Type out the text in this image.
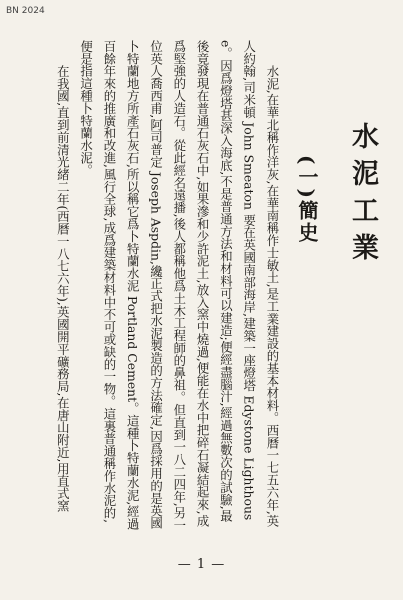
BN 2024
水泥工業
(一)簡史

水泥,在華北稱作洋灰,在華南稱作士敏土,是工業建設的基本材料。西曆一七五六年,英人約翰,司米頓 John Smeaton 要在英國南部海岸,建築一座燈塔 Edystone Lighthouse。因爲燈塔甚深入海底,不是普通方法和材料可以建造;便經盡腦汁,經過無數次的試驗,最後竟發現在普通石灰石中,如果滲和少許泥土,放入窯中燒過,便能在水中把碎石凝結起來,成爲堅強的人造石。從此經名遠播,後人都稱他爲土木工程師的鼻祖。但直到一八二四年,另一位英人喬西甫,阿司普定 Joseph Aspdin,纔正式把水泥製造的方法確定,因爲採用的是英國卜特蘭地方所產石灰石,所以稱它爲卜特蘭水泥 Portland Cement。這種卜特蘭水泥,經過百餘年來的推廣和改進,風行全球,成爲建築材料中不可或缺的一物。這裏普通稱作水泥的,便是指這種卜特蘭水泥。

在我國,直到前清光緒二年(西曆一八七六年),英國開平礦務局,在唐山附近,用直式窯

— 1 —
